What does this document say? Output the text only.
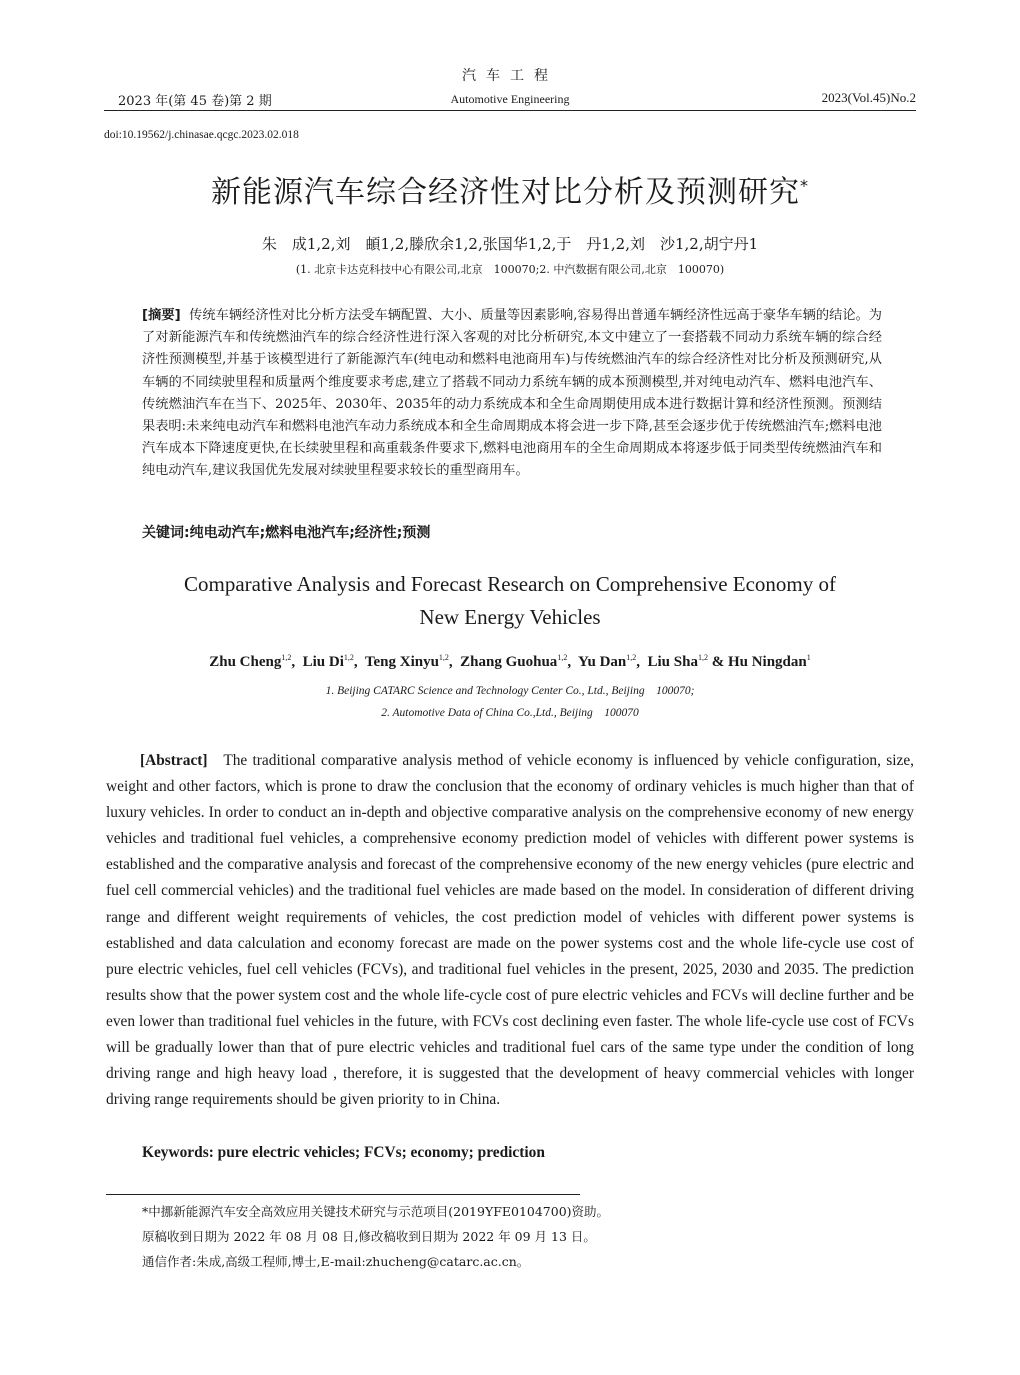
汽车工程
2023 年(第 45 卷)第 2 期	Automotive Engineering	2023(Vol.45)No.2
doi:10.19562/j.chinasae.qcgc.2023.02.018
新能源汽车综合经济性对比分析及预测研究*
朱　成1,2,刘　頔1,2,滕欣余1,2,张国华1,2,于　丹1,2,刘　沙1,2,胡宁丹1
(1. 北京卡达克科技中心有限公司,北京　100070;2. 中汽数据有限公司,北京　100070)
[摘要] 传统车辆经济性对比分析方法受车辆配置、大小、质量等因素影响,容易得出普通车辆经济性远高于豪华车辆的结论。为了对新能源汽车和传统燃油汽车的综合经济性进行深入客观的对比分析研究,本文中建立了一套搭载不同动力系统车辆的综合经济性预测模型,并基于该模型进行了新能源汽车(纯电动和燃料电池商用车)与传统燃油汽车的综合经济性对比分析及预测研究,从车辆的不同续驶里程和质量两个维度要求考虑,建立了搭载不同动力系统车辆的成本预测模型,并对纯电动汽车、燃料电池汽车、传统燃油汽车在当下、2025年、2030年、2035年的动力系统成本和全生命周期使用成本进行数据计算和经济性预测。预测结果表明:未来纯电动汽车和燃料电池汽车动力系统成本和全生命周期成本将会进一步下降,甚至会逐步优于传统燃油汽车;燃料电池汽车成本下降速度更快,在长续驶里程和高重载条件要求下,燃料电池商用车的全生命周期成本将逐步低于同类型传统燃油汽车和纯电动汽车,建议我国优先发展对续驶里程要求较长的重型商用车。
关键词:纯电动汽车;燃料电池汽车;经济性;预测
Comparative Analysis and Forecast Research on Comprehensive Economy of
New Energy Vehicles
Zhu Cheng$^{1,2}$,  Liu Di$^{1,2}$,  Teng Xinyu$^{1,2}$,  Zhang Guohua$^{1,2}$,  Yu Dan$^{1,2}$,  Liu Sha$^{1,2}$ & Hu Ningdan$^1$
1. Beijing CATARC Science and Technology Center Co., Ltd., Beijing　100070;
2. Automotive Data of China Co.,Ltd., Beijing　100070
[Abstract] The traditional comparative analysis method of vehicle economy is influenced by vehicle configuration, size, weight and other factors, which is prone to draw the conclusion that the economy of ordinary vehicles is much higher than that of luxury vehicles. In order to conduct an in-depth and objective comparative analysis on the comprehensive economy of new energy vehicles and traditional fuel vehicles, a comprehensive economy prediction model of vehicles with different power systems is established and the comparative analysis and forecast of the comprehensive economy of the new energy vehicles (pure electric and fuel cell commercial vehicles) and the traditional fuel vehicles are made based on the model. In consideration of different driving range and different weight requirements of vehicles, the cost prediction model of vehicles with different power systems is established and data calculation and economy forecast are made on the power systems cost and the whole life-cycle use cost of pure electric vehicles, fuel cell vehicles (FCVs), and traditional fuel vehicles in the present, 2025, 2030 and 2035. The prediction results show that the power system cost and the whole life-cycle cost of pure electric vehicles and FCVs will decline further and be even lower than traditional fuel vehicles in the future, with FCVs cost declining even faster. The whole life-cycle use cost of FCVs will be gradually lower than that of pure electric vehicles and traditional fuel cars of the same type under the condition of long driving range and high heavy load , therefore, it is suggested that the development of heavy commercial vehicles with longer driving range requirements should be given priority to in China.
Keywords: pure electric vehicles; FCVs; economy; prediction
*中挪新能源汽车安全高效应用关键技术研究与示范项目(2019YFE0104700)资助。
原稿收到日期为 2022 年 08 月 08 日,修改稿收到日期为 2022 年 09 月 13 日。
通信作者:朱成,高级工程师,博士,E-mail:zhucheng@catarc.ac.cn。
